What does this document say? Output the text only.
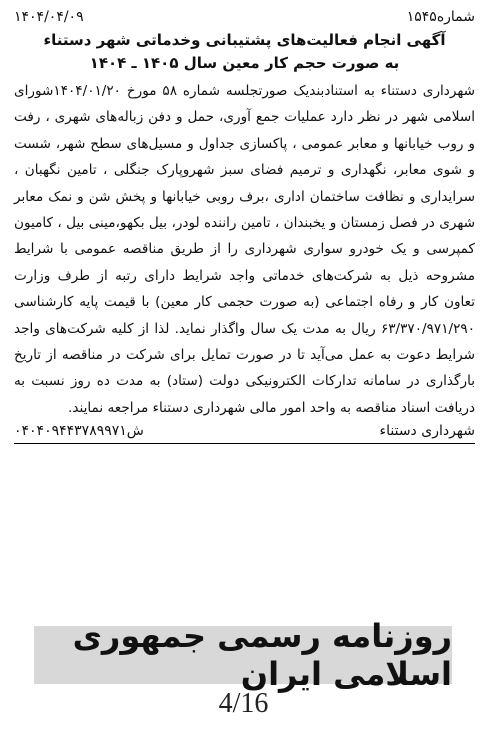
شماره۱۵۴۵
۱۴۰۴/۰۴/۰۹
آگهی انجام فعالیت‌های پشتیبانی وخدماتی شهر دستناء
به صورت حجم کار معین سال ۱۴۰۵ ـ ۱۴۰۴
شهرداری دستناء به استنادبندیک صورتجلسه شماره ۵۸ مورخ ۱۴۰۴/۰۱/۲۰شورای اسلامی شهر در نظر دارد عملیات جمع آوری، حمل و دفن زباله‌های شهری ، رفت و روب خیابانها و معابر عمومی ، پاکسازی جداول و مسیل‌های سطح شهر، شست و شوی معابر، نگهداری و ترمیم فضای سبز شهروپارک جنگلی ، تامین نگهبان ، سرایداری و نظافت ساختمان اداری ،برف روبی خیابانها و پخش شن و نمک معابر شهری در فصل زمستان و یخبندان ، تامین راننده لودر، بیل بکهو،مینی بیل ، کامیون کمپرسی و یک خودرو سواری شهرداری را از طریق مناقصه عمومی با شرایط مشروحه ذیل به شرکت‌های خدماتی واجد شرایط دارای رتبه از طرف وزارت تعاون کار و رفاه اجتماعی (به صورت حجمی کار معین) با قیمت پایه کارشناسی ۶۳/۳۷۰/۹۷۱/۲۹۰ ریال به مدت یک سال واگذار نماید. لذا از کلیه شرکت‌های واجد شرایط دعوت به عمل می‌آید تا در صورت تمایل برای شرکت در مناقصه از تاریخ بارگذاری در سامانه تدارکات الکترونیکی دولت (ستاد) به مدت ده روز نسبت به دریافت اسناد مناقصه به واحد امور مالی شهرداری دستناء مراجعه نمایند.
شهرداری دستناء
ش۰۴۰۴۰۹۴۴۳۷۸۹۹۷۱
روزنامه رسمی جمهوری اسلامی ایران
4/16
